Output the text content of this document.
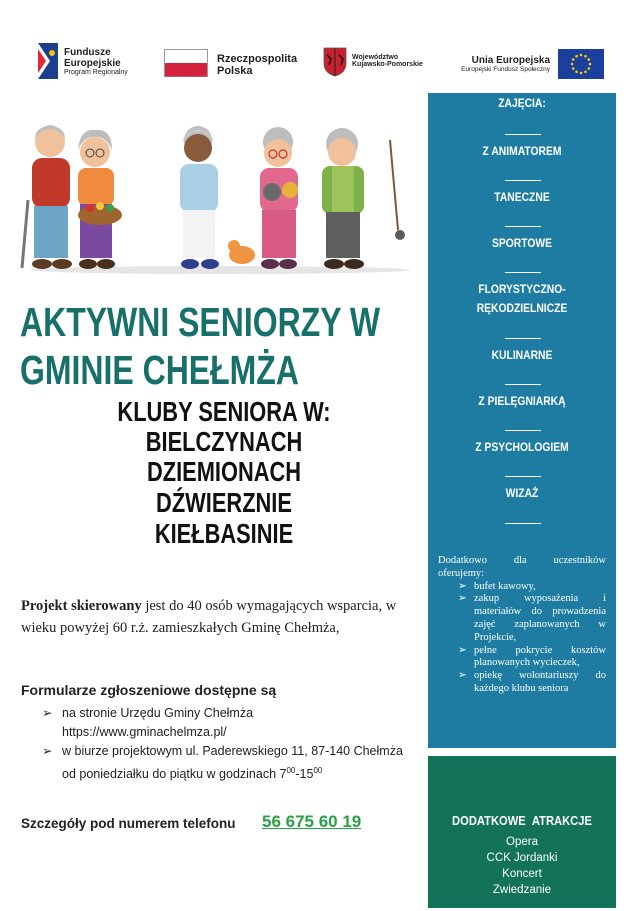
Fundusze
Europejskie
Program Regionalny
Rzeczpospolita
Polska
Województwo
Kujawsko-Pomorskie	Unia Europejska
Europejski Fundusz Społeczny
AKTYWNI SENIORZY W
GMINIE CHEŁMŻA
KLUBY SENIORA W:
BIELCZYNACH
DZIEMIONACH
DŹWIERZNIE
KIEŁBASINIE
Projekt skierowany jest do 40 osób wymagających wsparcia, w wieku powyżej 60 r.ż. zamieszkałych Gminę Chełmża,
Formularze zgłoszeniowe dostępne są
➢ na stronie Urzędu Gminy Chełmża
https://www.gminachelmza.pl/
➢ w biurze projektowym ul. Paderewskiego 11, 87-140 Chełmża
od poniedziałku do piątku w godzinach $7^{00}-15^{00}$
Szczegóły pod numerem telefonu 56 675 60 19
ZAJĘCIA:
Z ANIMATOREM
TANECZNE
SPORTOWE
FLORYSTYCZNO-
RĘKODZIELNICZE
KULINARNE
Z PIELĘGNIARKĄ
Z PSYCHOLOGIEM
WIZAŻ
Dodatkowo dla uczestników oferujemy:
➢ bufet kawowy,
➢ zakup wyposażenia i materiałów do prowadzenia zajęć zaplanowanych w Projekcie,
➢ pełne pokrycie kosztów planowanych wycieczek,
➢ opiekę wolontariuszy do każdego klubu seniora
DODATKOWE ATRAKCJE
Opera
CCK Jordanki
Koncert
Zwiedzanie
